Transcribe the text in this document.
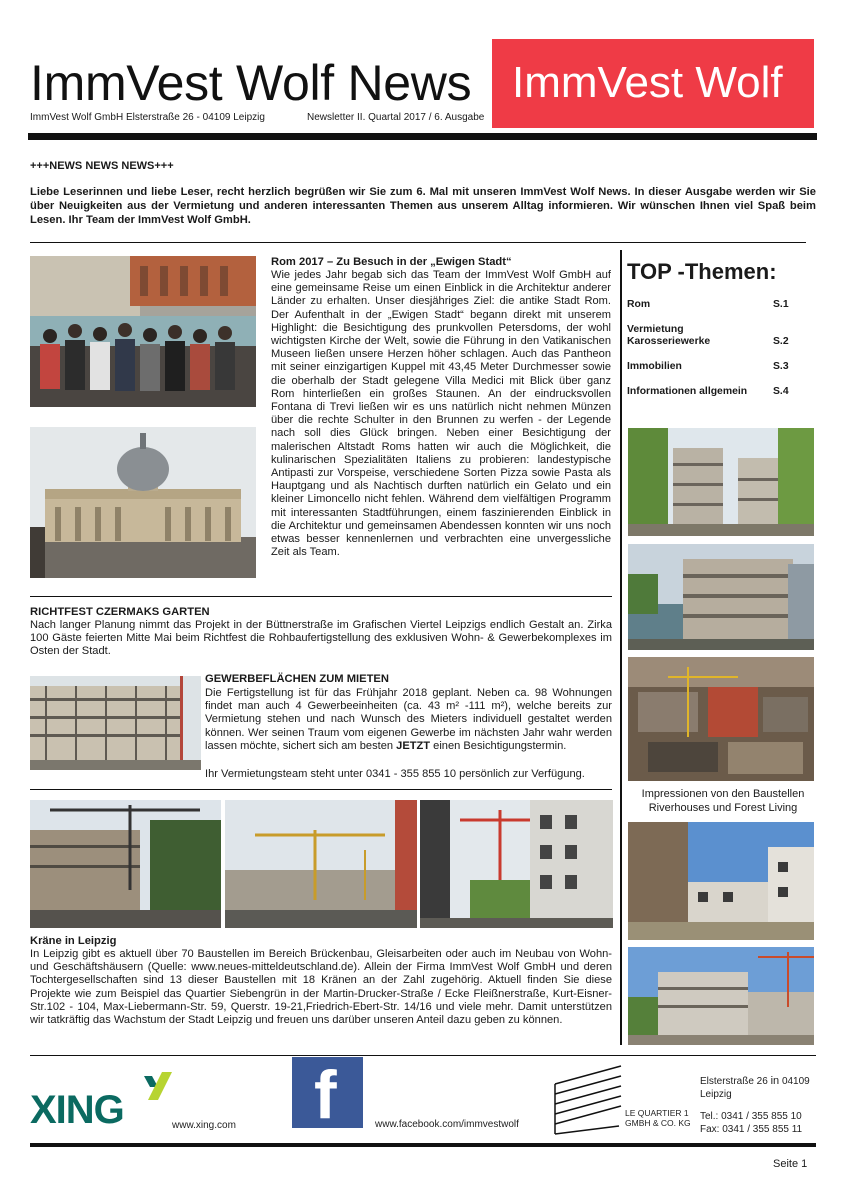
ImmVest Wolf News ImmVest Wolf
ImmVest Wolf GmbH Elsterstraße 26 - 04109 Leipzig	Newsletter II. Quartal 2017 / 6. Ausgabe
+++NEWS NEWS NEWS+++
Liebe Leserinnen und liebe Leser, recht herzlich begrüßen wir Sie zum 6. Mal mit unseren ImmVest Wolf News. In dieser Ausgabe werden wir Sie über Neuigkeiten aus der Vermietung und anderen interessanten Themen aus unserem Alltag informieren. Wir wünschen Ihnen viel Spaß beim Lesen. Ihr Team der ImmVest Wolf GmbH.
Rom 2017 – Zu Besuch in der „Ewigen Stadt“
Wie jedes Jahr begab sich das Team der ImmVest Wolf GmbH auf eine gemeinsame Reise um einen Einblick in die Architektur anderer Länder zu erhalten. Unser diesjähriges Ziel: die antike Stadt Rom. Der Aufenthalt in der „Ewigen Stadt“ begann direkt mit unserem Highlight: die Besichtigung des prunkvollen Petersdoms, der wohl wichtigsten Kirche der Welt, sowie die Führung in den Vatikanischen Museen ließen unsere Herzen höher schlagen. Auch das Pantheon mit seiner einzigartigen Kuppel mit 43,45 Meter Durchmesser sowie die oberhalb der Stadt gelegene Villa Medici mit Blick über ganz Rom hinterließen ein großes Staunen. An der eindrucksvollen Fontana di Trevi ließen wir es uns natürlich nicht nehmen Münzen über die rechte Schulter in den Brunnen zu werfen - der Legende nach soll dies Glück bringen. Neben einer Besichtigung der malerischen Altstadt Roms hatten wir auch die Möglichkeit, die kulinarischen Spezialitäten Italiens zu probieren: landestypische Antipasti zur Vorspeise, verschiedene Sorten Pizza sowie Pasta als Hauptgang und als Nachtisch durften natürlich ein Gelato und ein kleiner Limoncello nicht fehlen. Während dem vielfältigen Programm mit interessanten Stadtführungen, einem faszinierenden Einblick in die Architektur und gemeinsamen Abendessen konnten wir uns noch etwas besser kennenlernen und verbrachten eine unvergessliche Zeit als Team.
TOP -Themen:
Rom	S.1
Vermietung Karosseriewerke	S.2
Immobilien	S.3
Informationen allgemein	S.4
Impressionen von den Baustellen Riverhouses und Forest Living
RICHTFEST CZERMAKS GARTEN
Nach langer Planung nimmt das Projekt in der Büttnerstraße im Grafischen Viertel Leipzigs endlich Gestalt an. Zirka 100 Gäste feierten Mitte Mai beim Richtfest die Rohbaufertigstellung des exklusiven Wohn- & Gewerbekomplexes im Osten der Stadt.
GEWERBEFLÄCHEN ZUM MIETEN
Die Fertigstellung ist für das Frühjahr 2018 geplant. Neben ca. 98 Wohnungen findet man auch 4 Gewerbeeinheiten (ca. 43 m² -111 m²), welche bereits zur Vermietung stehen und nach Wunsch des Mieters individuell gestaltet werden können. Wer seinen Traum vom eigenen Gewerbe im nächsten Jahr wahr werden lassen möchte, sichert sich am besten JETZT einen Besichtigungstermin.
Ihr Vermietungsteam steht unter 0341 - 355 855 10 persönlich zur Verfügung.
Kräne in Leipzig
In Leipzig gibt es aktuell über 70 Baustellen im Bereich Brückenbau, Gleisarbeiten oder auch im Neubau von Wohn- und Geschäftshäusern (Quelle: www.neues-mitteldeutschland.de). Allein der Firma ImmVest Wolf GmbH und deren Tochtergesellschaften sind 13 dieser Baustellen mit 18 Kränen an der Zahl zugehörig. Aktuell finden Sie diese Projekte wie zum Beispiel das Quartier Siebengrün in der Martin-Drucker-Straße / Ecke Fleißnerstraße, Kurt-Eisner-Str.102 - 104, Max-Liebermann-Str. 59, Querstr. 19-21,Friedrich-Ebert-Str. 14/16 und viele mehr. Damit unterstützen wir tatkräftig das Wachstum der Stadt Leipzig und freuen uns darüber unseren Anteil dazu geben zu können.
XING	www.xing.com f	www.facebook.com/immvestwolf
LE QUARTIER 1
GMBH & CO. KG
Elsterstraße 26 in 04109
Leipzig
Tel.: 0341 / 355 855 10
Fax: 0341 / 355 855 11
Seite 1
